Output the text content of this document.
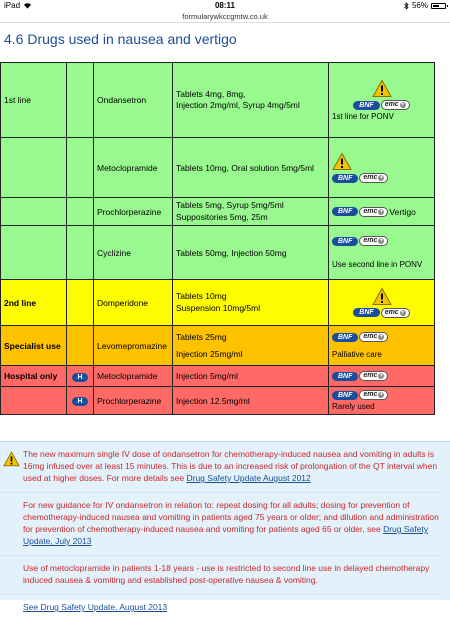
iPad	08:11	56%
formularywkccgmtw.co.uk
4.6 Drugs used in nausea and vertigo
1st line		Ondansetron	Tablets 4mg, 8mg,
Injection 2mg/ml, Syrup 4mg/5ml	BNF emc +
1st line for PONV

		Metoclopramide	Tablets 10mg, Oral solution 5mg/5ml	BNF emc +

		Prochlorperazine	Tablets 5mg, Syrup 5mg/5ml
Suppositories 5mg, 25m	BNF emc + Vertigo

		Cyclizine	Tablets 50mg, Injection 50mg	BNF emc +
Use second line in PONV

2nd line		Domperidone	Tablets 10mg
Suspension 10mg/5ml	BNF emc +

Specialist use		Levomepromazine	Tablets 25mg
Injection 25mg/ml	BNF emc +
Palliative care

Hospital only	H	Metoclopramide	Injection 5mg/ml	BNF emc +

	H	Prochlorperazine	Injection 12.5mg/ml	BNF emc +
Rarely used

The new maximum single IV dose of ondansetron for chemotherapy-induced nausea and vomiting in adults is 16mg infused over at least 15 minutes. This is due to an increased risk of prolongation of the QT interval when used at higher doses. For more details see Drug Safety Update August 2012

For new guidance for IV ondansetron in relation to: repeat dosing for all adults; dosing for prevention of chemotherapy-induced nausea and vomiting in patients aged 75 years or older; and dilution and administration for prevention of chemotherapy-induced nausea and vomiting for patients aged 65 or older, see Drug Safety Update, July 2013

Use of metoclopramide in patients 1-18 years - use is restricted to second line use in delayed chemotherapy induced nausea & vomiting and established post-operative nausea & vomiting.

See Drug Safety Update, August 2013
